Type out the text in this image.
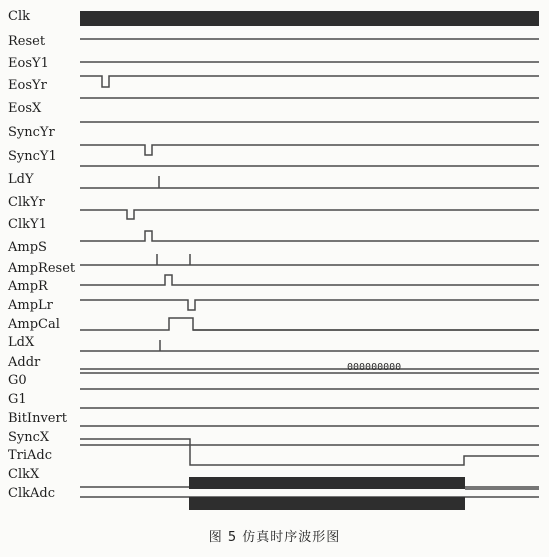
Clk
Reset
EosY1
EosYr
EosX
SyncYr
SyncY1
LdY
ClkYr
ClkY1
AmpS
AmpReset
AmpR
AmpLr
AmpCal
LdX
Addr
G0
G1
BitInvert
SyncX
TriAdc
ClkX
ClkAdc
000000000
图 5 仿真时序波形图
